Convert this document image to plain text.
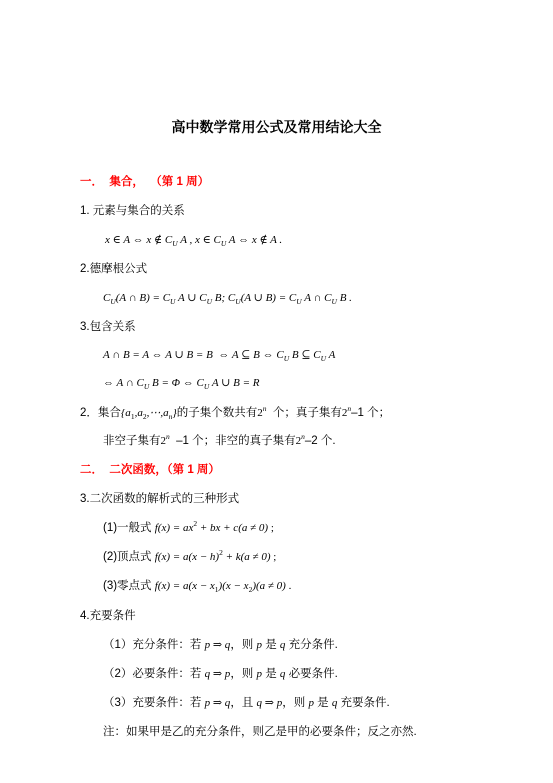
高中数学常用公式及常用结论大全
一．  集合，  （第 1 周）
1. 元素与集合的关系
x ∈ A ⇔ x ∉ C U A , x ∈ C U A ⇔ x ∉ A .
2.德摩根公式
C U (A ∩ B) = C U A ∪ C U B; C U (A ∪ B) = C U A ∩ C U B .
3.包含关系
A ∩ B = A ⇔ A ∪ B = B  ⇔ A ⊆ B ⇔ C U B ⊆ C U A
⇔ A ∩ C U B = Φ ⇔ C U A ∪ B = R
2．集合 {a 1 ,a 2 ,⋯,a n } 的子集个数共有 2 n 个；真子集有 2 n –1 个；
非空子集有 2 n –1 个；非空的真子集有 2 n –2 个.
二．  二次函数，（第 1 周）
3.二次函数的解析式的三种形式
(1)一般式 f(x) = ax 2 + bx + c(a ≠ 0) ;
(2)顶点式 f(x) = a(x − h) 2 + k(a ≠ 0) ;
(3)零点式 f(x) = a(x − x 1 )(x − x 2 )(a ≠ 0) .
4.充要条件
（1）充分条件：若 p ⇒ q ，则 p 是 q 充分条件.
（2）必要条件：若 q ⇒ p ，则 p 是 q 必要条件.
（3）充要条件：若 p ⇒ q ，且 q ⇒ p ，则 p 是 q 充要条件.
注：如果甲是乙的充分条件，则乙是甲的必要条件；反之亦然.
